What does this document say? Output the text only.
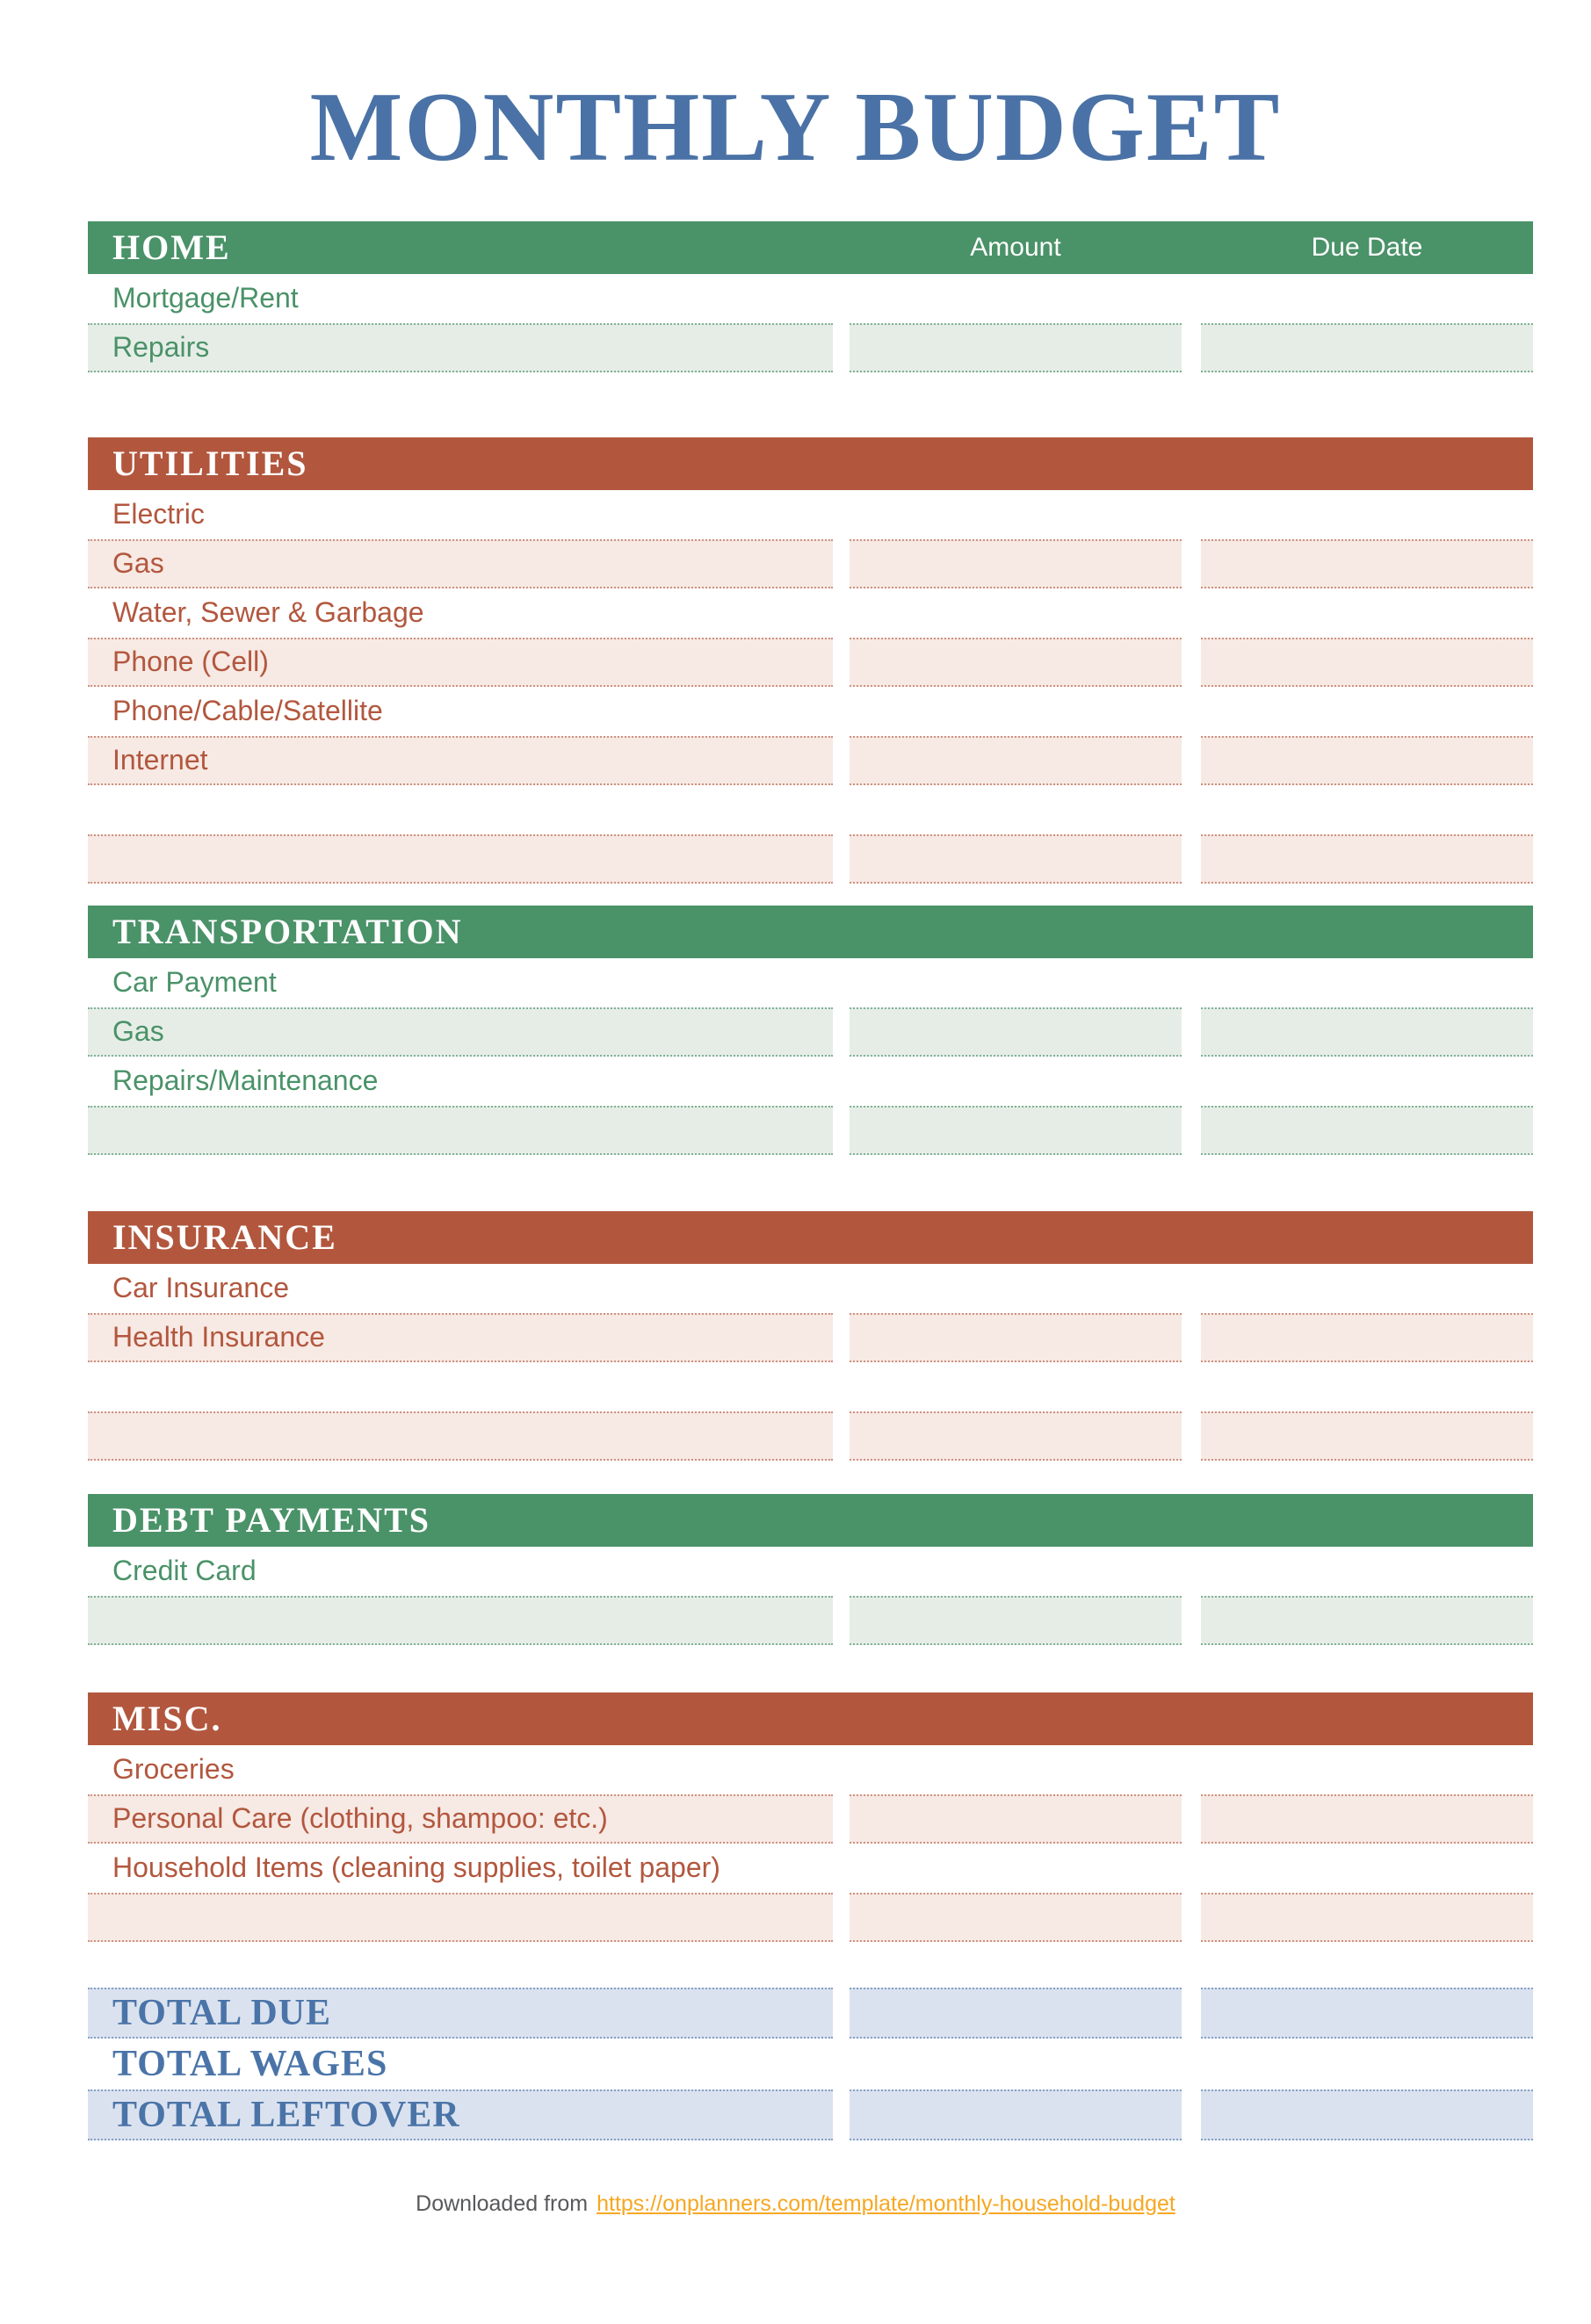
MONTHLY BUDGET
HOME	Amount	Due Date
Mortgage/Rent
Repairs
UTILITIES
Electric
Gas
Water, Sewer & Garbage
Phone (Cell)
Phone/Cable/Satellite
Internet
TRANSPORTATION
Car Payment
Gas
Repairs/Maintenance
INSURANCE
Car Insurance
Health Insurance
DEBT PAYMENTS
Credit Card
MISC.
Groceries
Personal Care (clothing, shampoo: etc.)
Household Items (cleaning supplies, toilet paper)
TOTAL DUE
TOTAL WAGES
TOTAL LEFTOVER
Downloaded from https://onplanners.com/template/monthly-household-budget
